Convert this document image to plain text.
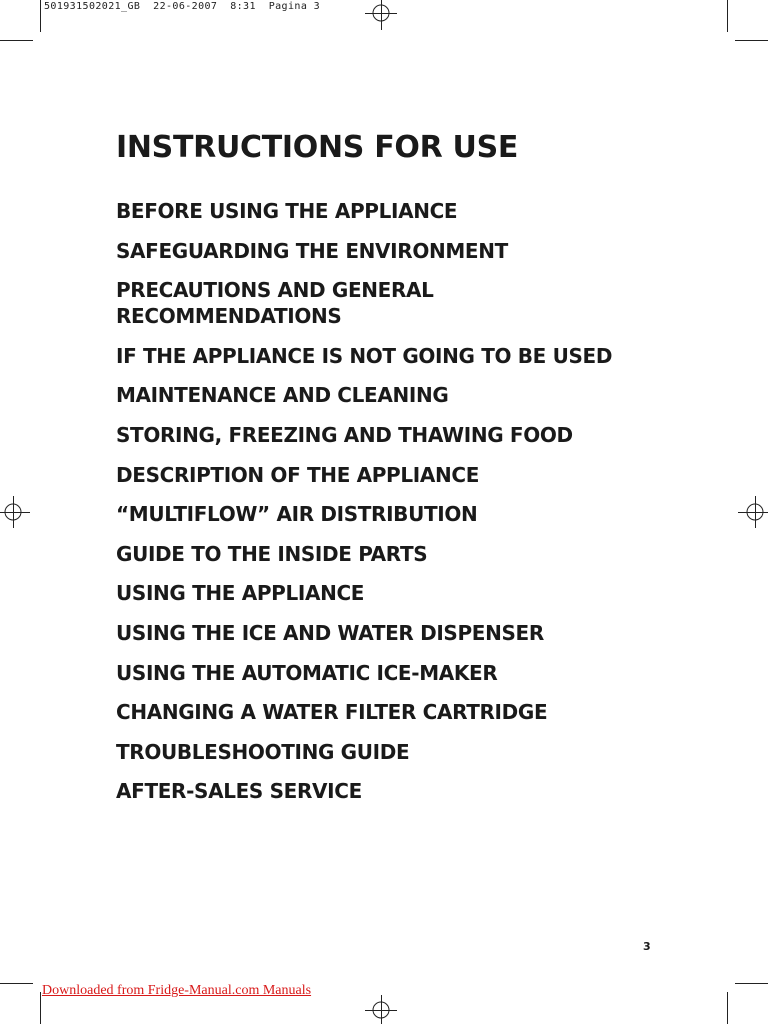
501931502021_GB  22-06-2007  8:31  Pagina 3
INSTRUCTIONS FOR USE
BEFORE USING THE APPLIANCE
SAFEGUARDING THE ENVIRONMENT
PRECAUTIONS AND GENERAL RECOMMENDATIONS
IF THE APPLIANCE IS NOT GOING TO BE USED
MAINTENANCE AND CLEANING
STORING, FREEZING AND THAWING FOOD
DESCRIPTION OF THE APPLIANCE
“MULTIFLOW” AIR DISTRIBUTION
GUIDE TO THE INSIDE PARTS
USING THE APPLIANCE
USING THE ICE AND WATER DISPENSER
USING THE AUTOMATIC ICE-MAKER
CHANGING A WATER FILTER CARTRIDGE
TROUBLESHOOTING GUIDE
AFTER-SALES SERVICE
3
Downloaded from Fridge-Manual.com Manuals
